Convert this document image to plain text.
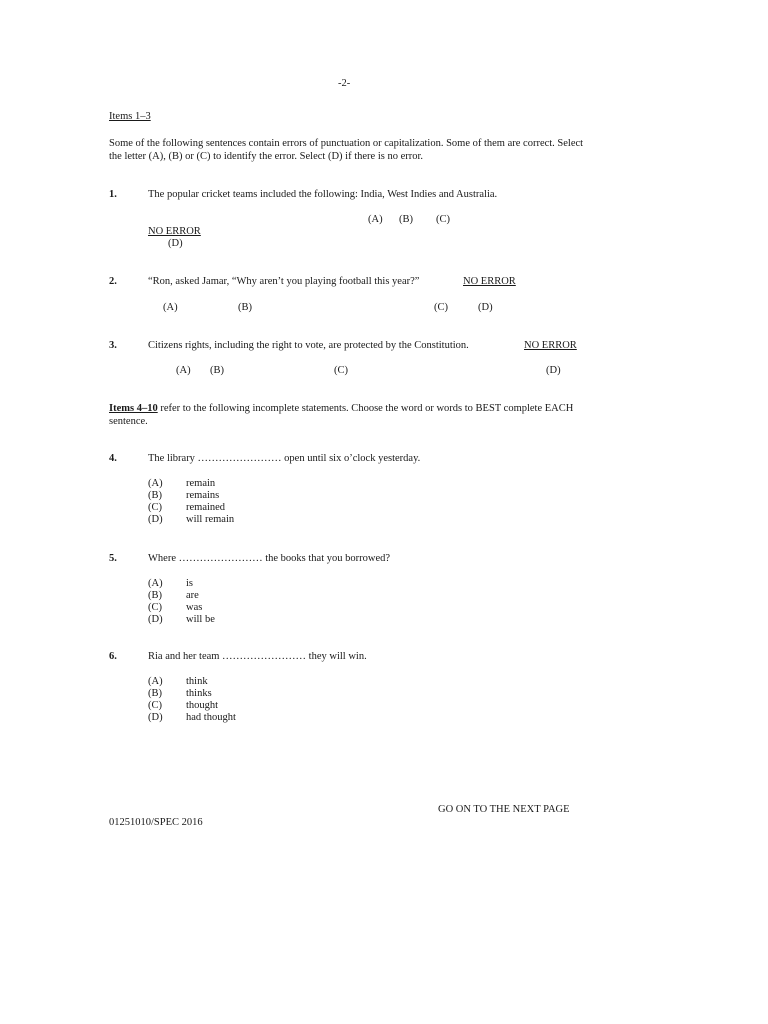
-2-
Items 1–3
Some of the following sentences contain errors of punctuation or capitalization. Some of them are correct. Select the letter (A), (B) or (C) to identify the error. Select (D) if there is no error.
1.	The popular cricket teams included the following: India, West Indies and Australia.
(A) (B) (C)
NO ERROR
(D)
2.	“Ron, asked Jamar, “Why aren’t you playing football this year?”	NO ERROR
(A)	(B)	(C)	(D)
3.	Citizens rights, including the right to vote, are protected by the Constitution.	NO ERROR
(A) (B)	(C)	(D)
Items 4–10 refer to the following incomplete statements. Choose the word or words to BEST complete EACH sentence.
4.	The library …………………… open until six o’clock yesterday.
(A) remain
(B) remains
(C) remained
(D) will remain
5.	Where …………………… the books that you borrowed?
(A) is
(B) are
(C) was
(D) will be
6.	Ria and her team …………………… they will win.
(A) think
(B) thinks
(C) thought
(D) had thought
GO ON TO THE NEXT PAGE
01251010/SPEC 2016
